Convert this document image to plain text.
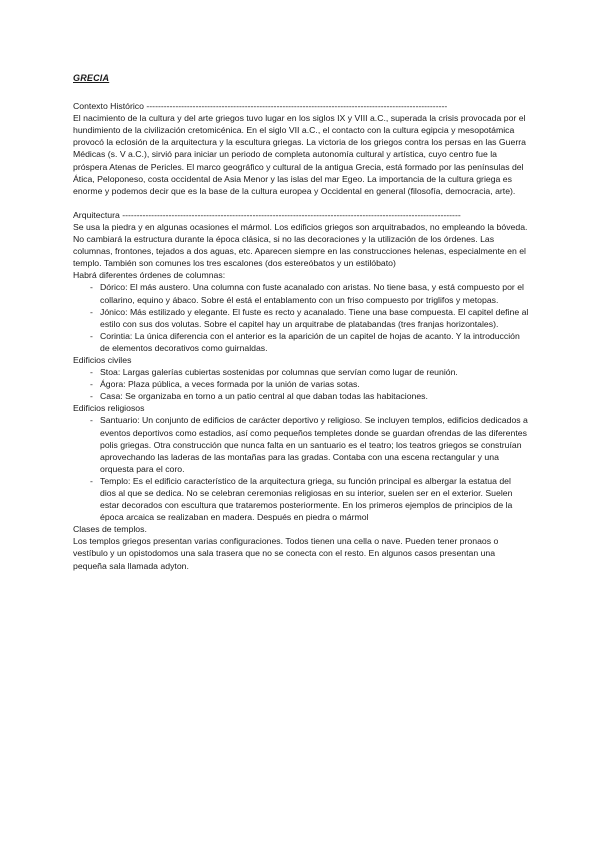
GRECIA

Contexto Histórico --------------------------------------------------------------------------------------------------------

El nacimiento de la cultura y del arte griegos tuvo lugar en los siglos IX y VIII a.C., superada la crisis provocada por el hundimiento de la civilización cretomicénica. En el siglo VII a.C., el contacto con la cultura egipcia y mesopotámica provocó la eclosión de la arquitectura y la escultura griegas. La victoria de los griegos contra los persas en las Guerra Médicas (s. V a.C.), sirvió para iniciar un periodo de completa autonomía cultural y artística, cuyo centro fue la próspera Atenas de Pericles. El marco geográfico y cultural de la antigua Grecia, está formado por las penínsulas del Ática, Peloponeso, costa occidental de Asia Menor y las islas del mar Egeo. La importancia de la cultura griega es enorme y podemos decir que es la base de la cultura europea y Occidental en general (filosofía, democracia, arte).

Arquitectura ---------------------------------------------------------------------------------------------------------------------

Se usa la piedra y en algunas ocasiones el mármol. Los edificios griegos son arquitrabados, no empleando la bóveda. No cambiará la estructura durante la época clásica, si no las decoraciones y la utilización de los órdenes. Las columnas, frontones, tejados a dos aguas, etc. Aparecen siempre en las construcciones helenas, especialmente en el templo. También son comunes los tres escalones (dos estereóbatos y un estilóbato)

Habrá diferentes órdenes de columnas:

- Dórico: El más austero. Una columna con fuste acanalado con aristas. No tiene basa, y está compuesto por el collarino, equino y ábaco. Sobre él está el entablamento con un friso compuesto por triglifos y metopas.
- Jónico: Más estilizado y elegante. El fuste es recto y acanalado. Tiene una base compuesta. El capitel define al estilo con sus dos volutas. Sobre el capitel hay un arquitrabe de platabandas (tres franjas horizontales).
- Corintia: La única diferencia con el anterior es la aparición de un capitel de hojas de acanto. Y la introducción de elementos decorativos como guirnaldas.

Edificios civiles

- Stoa: Largas galerías cubiertas sostenidas por columnas que servían como lugar de reunión.
- Ágora: Plaza pública, a veces formada por la unión de varias sotas.
- Casa: Se organizaba en torno a un patio central al que daban todas las habitaciones.

Edificios religiosos

- Santuario: Un conjunto de edificios de carácter deportivo y religioso. Se incluyen templos, edificios dedicados a eventos deportivos como estadios, así como pequeños templetes donde se guardan ofrendas de las diferentes polis griegas. Otra construcción que nunca falta en un santuario es el teatro; los teatros griegos se construían aprovechando las laderas de las montañas para las gradas. Contaba con una escena rectangular y una orquesta para el coro.
- Templo: Es el edificio característico de la arquitectura griega, su función principal es albergar la estatua del dios al que se dedica. No se celebran ceremonias religiosas en su interior, suelen ser en el exterior. Suelen estar decorados con escultura que trataremos posteriormente. En los primeros ejemplos de principios de la época arcaica se realizaban en madera. Después en piedra o mármol

Clases de templos.

Los templos griegos presentan varias configuraciones. Todos tienen una cella o nave. Pueden tener pronaos o vestíbulo y un opistodomos una sala trasera que no se conecta con el resto. En algunos casos presentan una pequeña sala llamada adyton.
